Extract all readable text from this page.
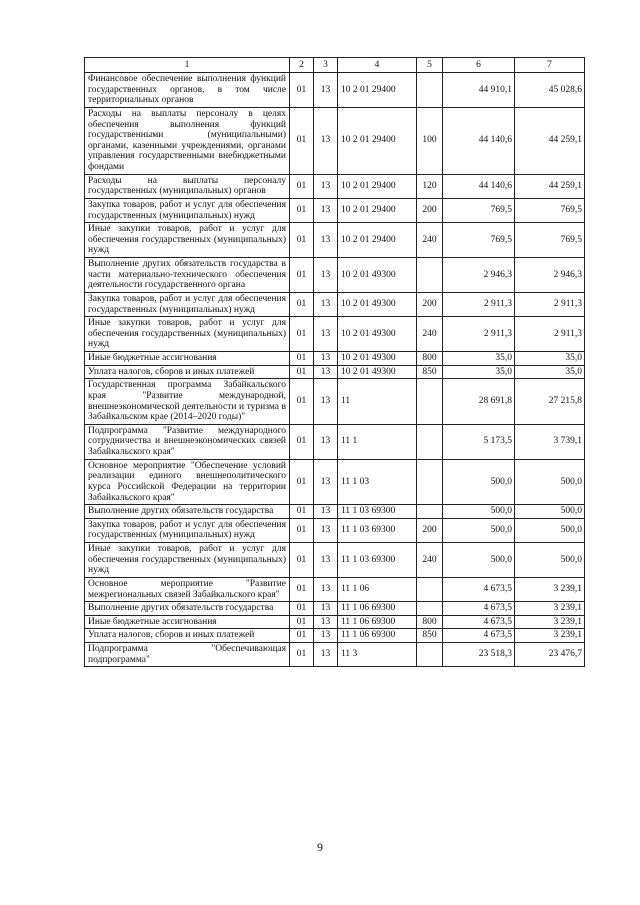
1	2	3	4	5	6	7
Финансовое обеспечение выполнения функций государственных органов, в том числе территориальных органов	01	13	10 2 01 29400		44 910,1	45 028,6
Расходы на выплаты персоналу в целях обеспечения выполнения функций государственными (муниципальными) органами, казенными учреждениями, органами управления государственными внебюджетными фондами	01	13	10 2 01 29400	100	44 140,6	44 259,1
Расходы на выплаты персоналу государственных (муниципальных) органов	01	13	10 2 01 29400	120	44 140,6	44 259,1
Закупка товаров, работ и услуг для обеспечения государственных (муниципальных) нужд	01	13	10 2 01 29400	200	769,5	769,5
Иные закупки товаров, работ и услуг для обеспечения государственных (муниципальных) нужд	01	13	10 2 01 29400	240	769,5	769,5
Выполнение других обязательств государства в части материально-технического обеспечения деятельности государственного органа	01	13	10 2 01 49300		2 946,3	2 946,3
Закупка товаров, работ и услуг для обеспечения государственных (муниципальных) нужд	01	13	10 2 01 49300	200	2 911,3	2 911,3
Иные закупки товаров, работ и услуг для обеспечения государственных (муниципальных) нужд	01	13	10 2 01 49300	240	2 911,3	2 911,3
Иные бюджетные ассигнования	01	13	10 2 01 49300	800	35,0	35,0
Уплата налогов, сборов и иных платежей	01	13	10 2 01 49300	850	35,0	35,0
Государственная программа Забайкальского края "Развитие международной, внешнеэкономической деятельности и туризма в Забайкальском крае (2014–2020 годы)"	01	13	11		28 691,8	27 215,8
Подпрограмма "Развитие международного сотрудничества и внешнеэкономических связей Забайкальского края"	01	13	11 1		5 173,5	3 739,1
Основное мероприятие "Обеспечение условий реализации единого внешнеполитического курса Российской Федерации на территории Забайкальского края"	01	13	11 1 03		500,0	500,0
Выполнение других обязательств государства	01	13	11 1 03 69300		500,0	500,0
Закупка товаров, работ и услуг для обеспечения государственных (муниципальных) нужд	01	13	11 1 03 69300	200	500,0	500,0
Иные закупки товаров, работ и услуг для обеспечения государственных (муниципальных) нужд	01	13	11 1 03 69300	240	500,0	500,0
Основное мероприятие "Развитие межрегиональных связей Забайкальского края"	01	13	11 1 06		4 673,5	3 239,1
Выполнение других обязательств государства	01	13	11 1 06 69300		4 673,5	3 239,1
Иные бюджетные ассигнования	01	13	11 1 06 69300	800	4 673,5	3 239,1
Уплата налогов, сборов и иных платежей	01	13	11 1 06 69300	850	4 673,5	3 239,1
Подпрограмма "Обеспечивающая подпрограмма"	01	13	11 3		23 518,3	23 476,7
9
